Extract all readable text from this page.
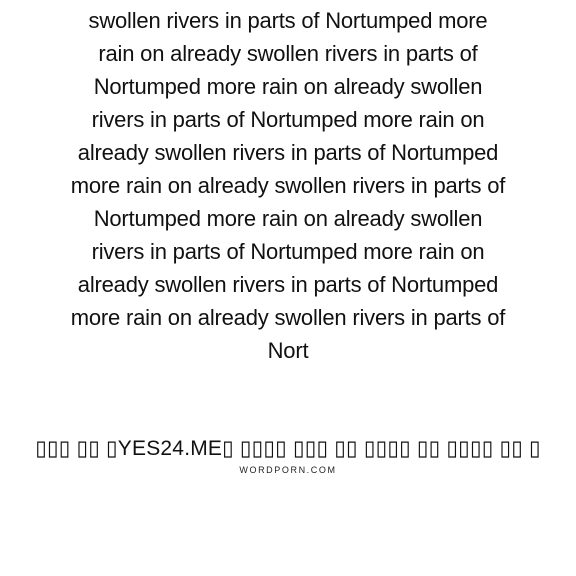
swollen rivers in parts of Nortumped more
rain on already swollen rivers in parts of
Nortumped more rain on already swollen
rivers in parts of Nortumped more rain on
already swollen rivers in parts of Nortumped
more rain on already swollen rivers in parts of
Nortumped more rain on already swollen
rivers in parts of Nortumped more rain on
already swollen rivers in parts of Nortumped
more rain on already swollen rivers in parts of
Nort
▯▯▯ ▯▯ ▯YES24.ME▯ ▯▯▯▯ ▯▯▯ ▯▯ ▯▯▯▯ ▯▯ ▯▯▯▯ ▯▯ ▯
WORDPORN.COM
